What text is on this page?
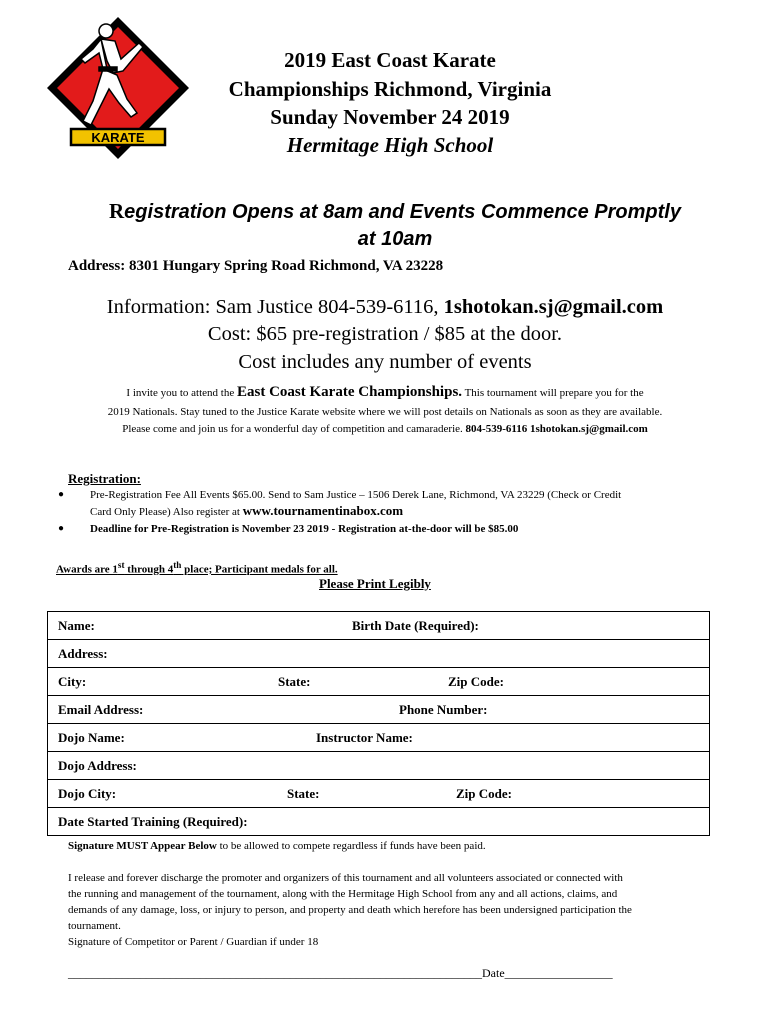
KARATE
2019 East Coast Karate
Championships Richmond, Virginia
Sunday November 24 2019
Hermitage High School
Registration Opens at 8am and Events Commence Promptly
at 10am
Address: 8301 Hungary Spring Road Richmond, VA 23228
Information: Sam Justice 804-539-6116, 1shotokan.sj@gmail.com
Cost: $65 pre-registration / $85 at the door.
Cost includes any number of events
I invite you to attend the East Coast Karate Championships. This tournament will prepare you for the
2019 Nationals. Stay tuned to the Justice Karate website where we will post details on Nationals as soon as they are available.
Please come and join us for a wonderful day of competition and camaraderie. 804-539-6116 1shotokan.sj@gmail.com
Registration:
● Pre-Registration Fee All Events $65.00. Send to Sam Justice – 1506 Derek Lane, Richmond, VA 23229 (Check or Credit
Card Only Please) Also register at www.tournamentinabox.com
● Deadline for Pre-Registration is November 23 2019 - Registration at-the-door will be $85.00
Awards are 1st through 4th place; Participant medals for all.
Please Print Legibly
Name:	Birth Date (Required):

Address:

City:	State:	Zip Code:

Email Address:	Phone Number:

Dojo Name:	Instructor Name:

Dojo Address:

Dojo City:	State:	Zip Code:

Date Started Training (Required):
Signature MUST Appear Below to be allowed to compete regardless if funds have been paid.
I release and forever discharge the promoter and organizers of this tournament and all volunteers associated or connected with
the running and management of the tournament, along with the Hermitage High School from any and all actions, claims, and
demands of any damage, loss, or injury to person, and property and death which herefore has been undersigned participation the
tournament.
Signature of Competitor or Parent / Guardian if under 18
_____________________________________________________________________Date__________________
